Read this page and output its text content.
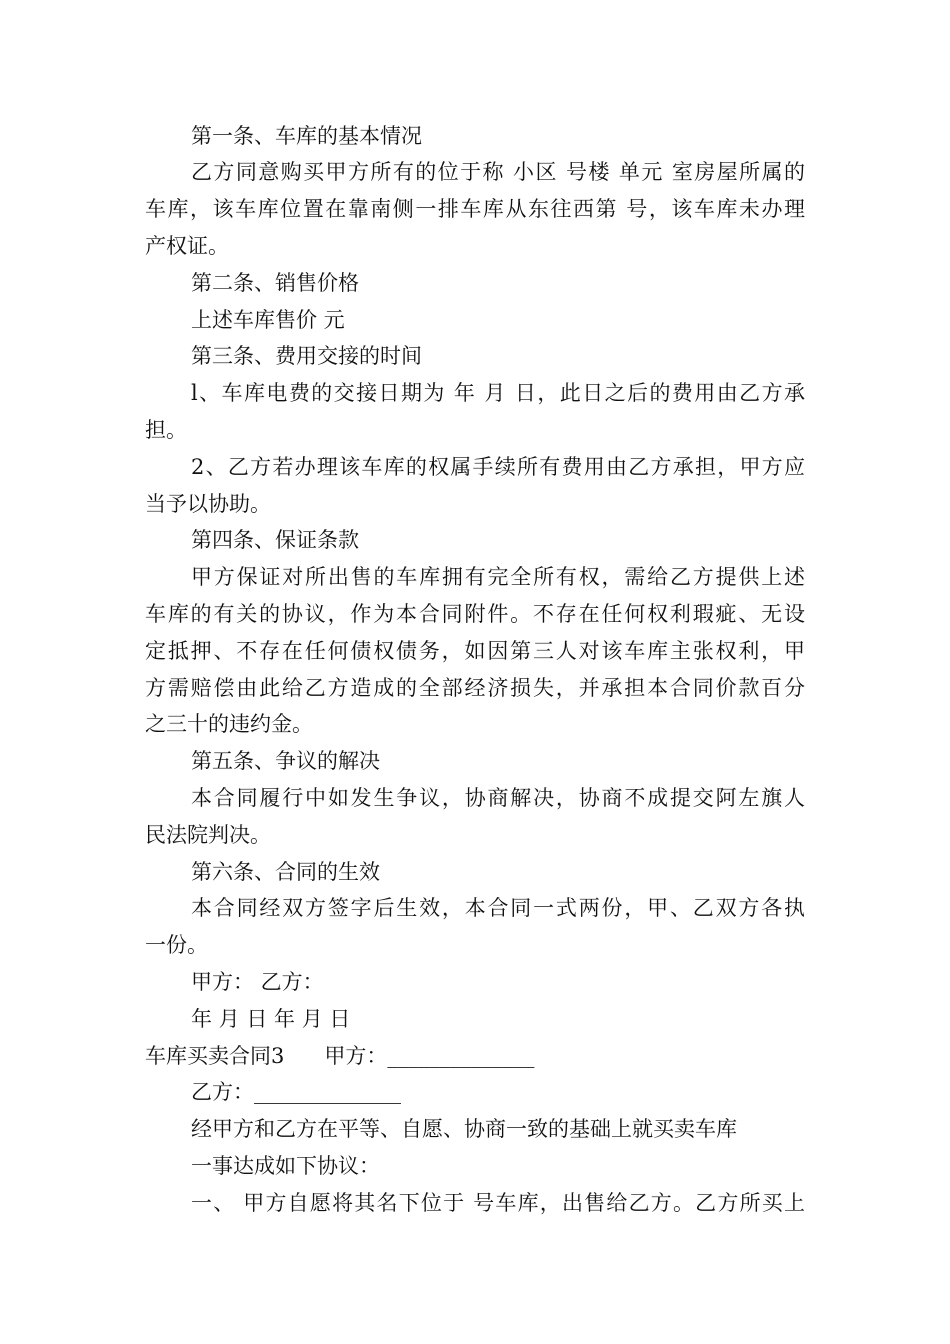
第一条、车库的基本情况
乙方同意购买甲方所有的位于称 小区 号楼 单元 室房屋所属的
车库，该车库位置在靠南侧一排车库从东往西第 号，该车库未办理
产权证。
第二条、销售价格
上述车库售价 元
第三条、费用交接的时间
l、车库电费的交接日期为 年 月 日，此日之后的费用由乙方承
担。
2、乙方若办理该车库的权属手续所有费用由乙方承担，甲方应
当予以协助。
第四条、保证条款
甲方保证对所出售的车库拥有完全所有权，需给乙方提供上述
车库的有关的协议，作为本合同附件。不存在任何权利瑕疵、无设
定抵押、不存在任何债权债务，如因第三人对该车库主张权利，甲
方需赔偿由此给乙方造成的全部经济损失，并承担本合同价款百分
之三十的违约金。
第五条、争议的解决
本合同履行中如发生争议，协商解决，协商不成提交阿左旗人
民法院判决。
第六条、合同的生效
本合同经双方签字后生效，本合同一式两份，甲、乙双方各执
一份。
甲方： 乙方：
年 月 日 年 月 日
车库买卖合同3 甲方：______________
乙方：______________
经甲方和乙方在平等、自愿、协商一致的基础上就买卖车库
一事达成如下协议：
一、 甲方自愿将其名下位于 号车库，出售给乙方。乙方所买上
